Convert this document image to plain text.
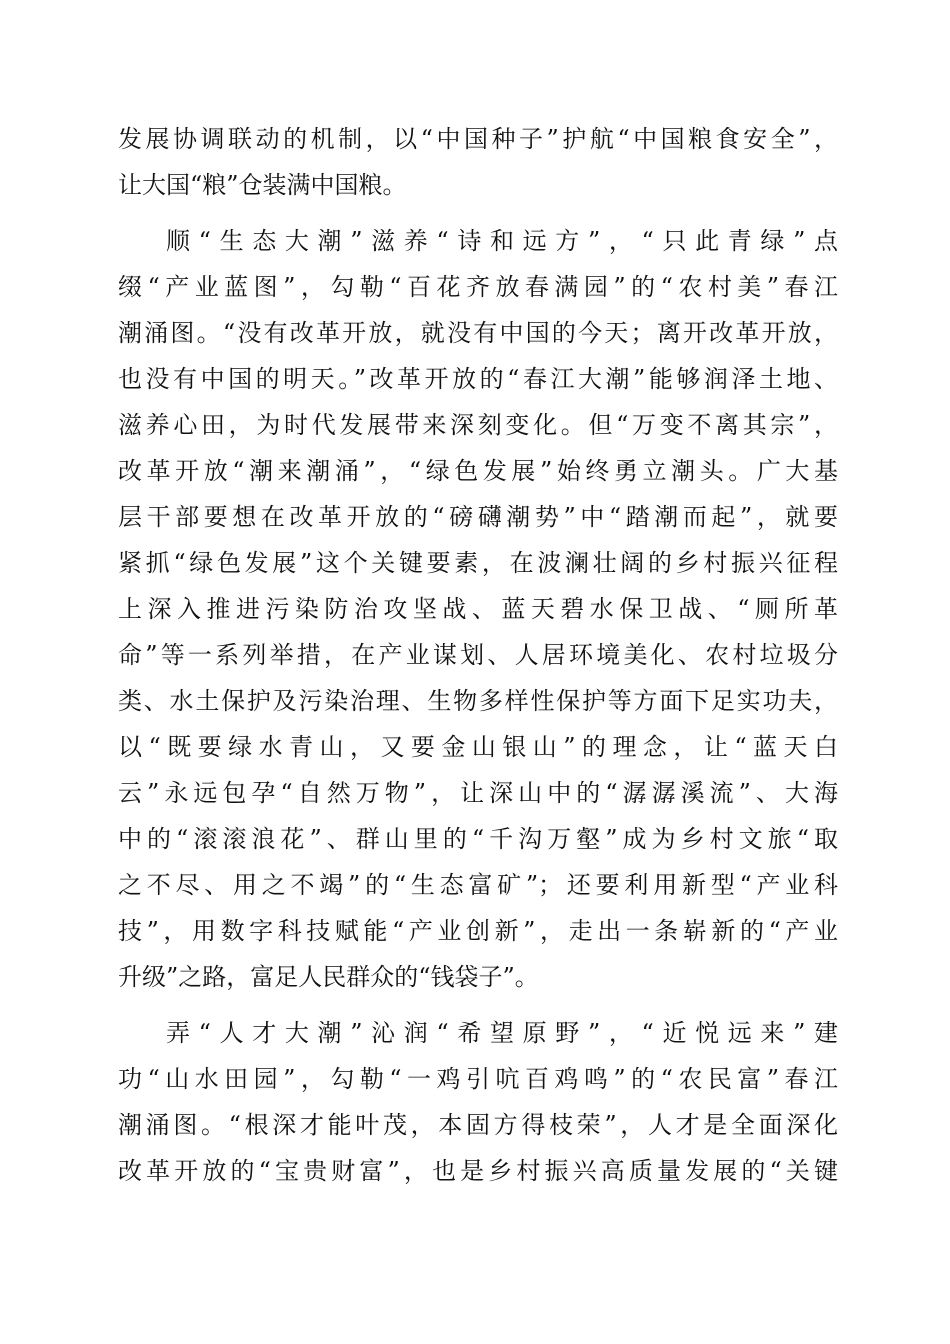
发展协调联动的机制，以“中国种子”护航“中国粮食安全”，
让大国“粮”仓装满中国粮。
顺“生态大潮”滋养“诗和远方”，“只此青绿”点
缀“产业蓝图”，勾勒“百花齐放春满园”的“农村美”春江
潮涌图。“没有改革开放，就没有中国的今天；离开改革开放，
也没有中国的明天。”改革开放的“春江大潮”能够润泽土地、
滋养心田，为时代发展带来深刻变化。但“万变不离其宗”，
改革开放“潮来潮涌”，“绿色发展”始终勇立潮头。广大基
层干部要想在改革开放的“磅礴潮势”中“踏潮而起”，就要
紧抓“绿色发展”这个关键要素，在波澜壮阔的乡村振兴征程
上深入推进污染防治攻坚战、蓝天碧水保卫战、“厕所革
命”等一系列举措，在产业谋划、人居环境美化、农村垃圾分
类、水土保护及污染治理、生物多样性保护等方面下足实功夫，
以“既要绿水青山，又要金山银山”的理念，让“蓝天白
云”永远包孕“自然万物”，让深山中的“潺潺溪流”、大海
中的“滚滚浪花”、群山里的“千沟万壑”成为乡村文旅“取
之不尽、用之不竭”的“生态富矿”；还要利用新型“产业科
技”，用数字科技赋能“产业创新”，走出一条崭新的“产业
升级”之路，富足人民群众的“钱袋子”。
弄“人才大潮”沁润“希望原野”，“近悦远来”建
功“山水田园”，勾勒“一鸡引吭百鸡鸣”的“农民富”春江
潮涌图。“根深才能叶茂，本固方得枝荣”，人才是全面深化
改革开放的“宝贵财富”，也是乡村振兴高质量发展的“关键
